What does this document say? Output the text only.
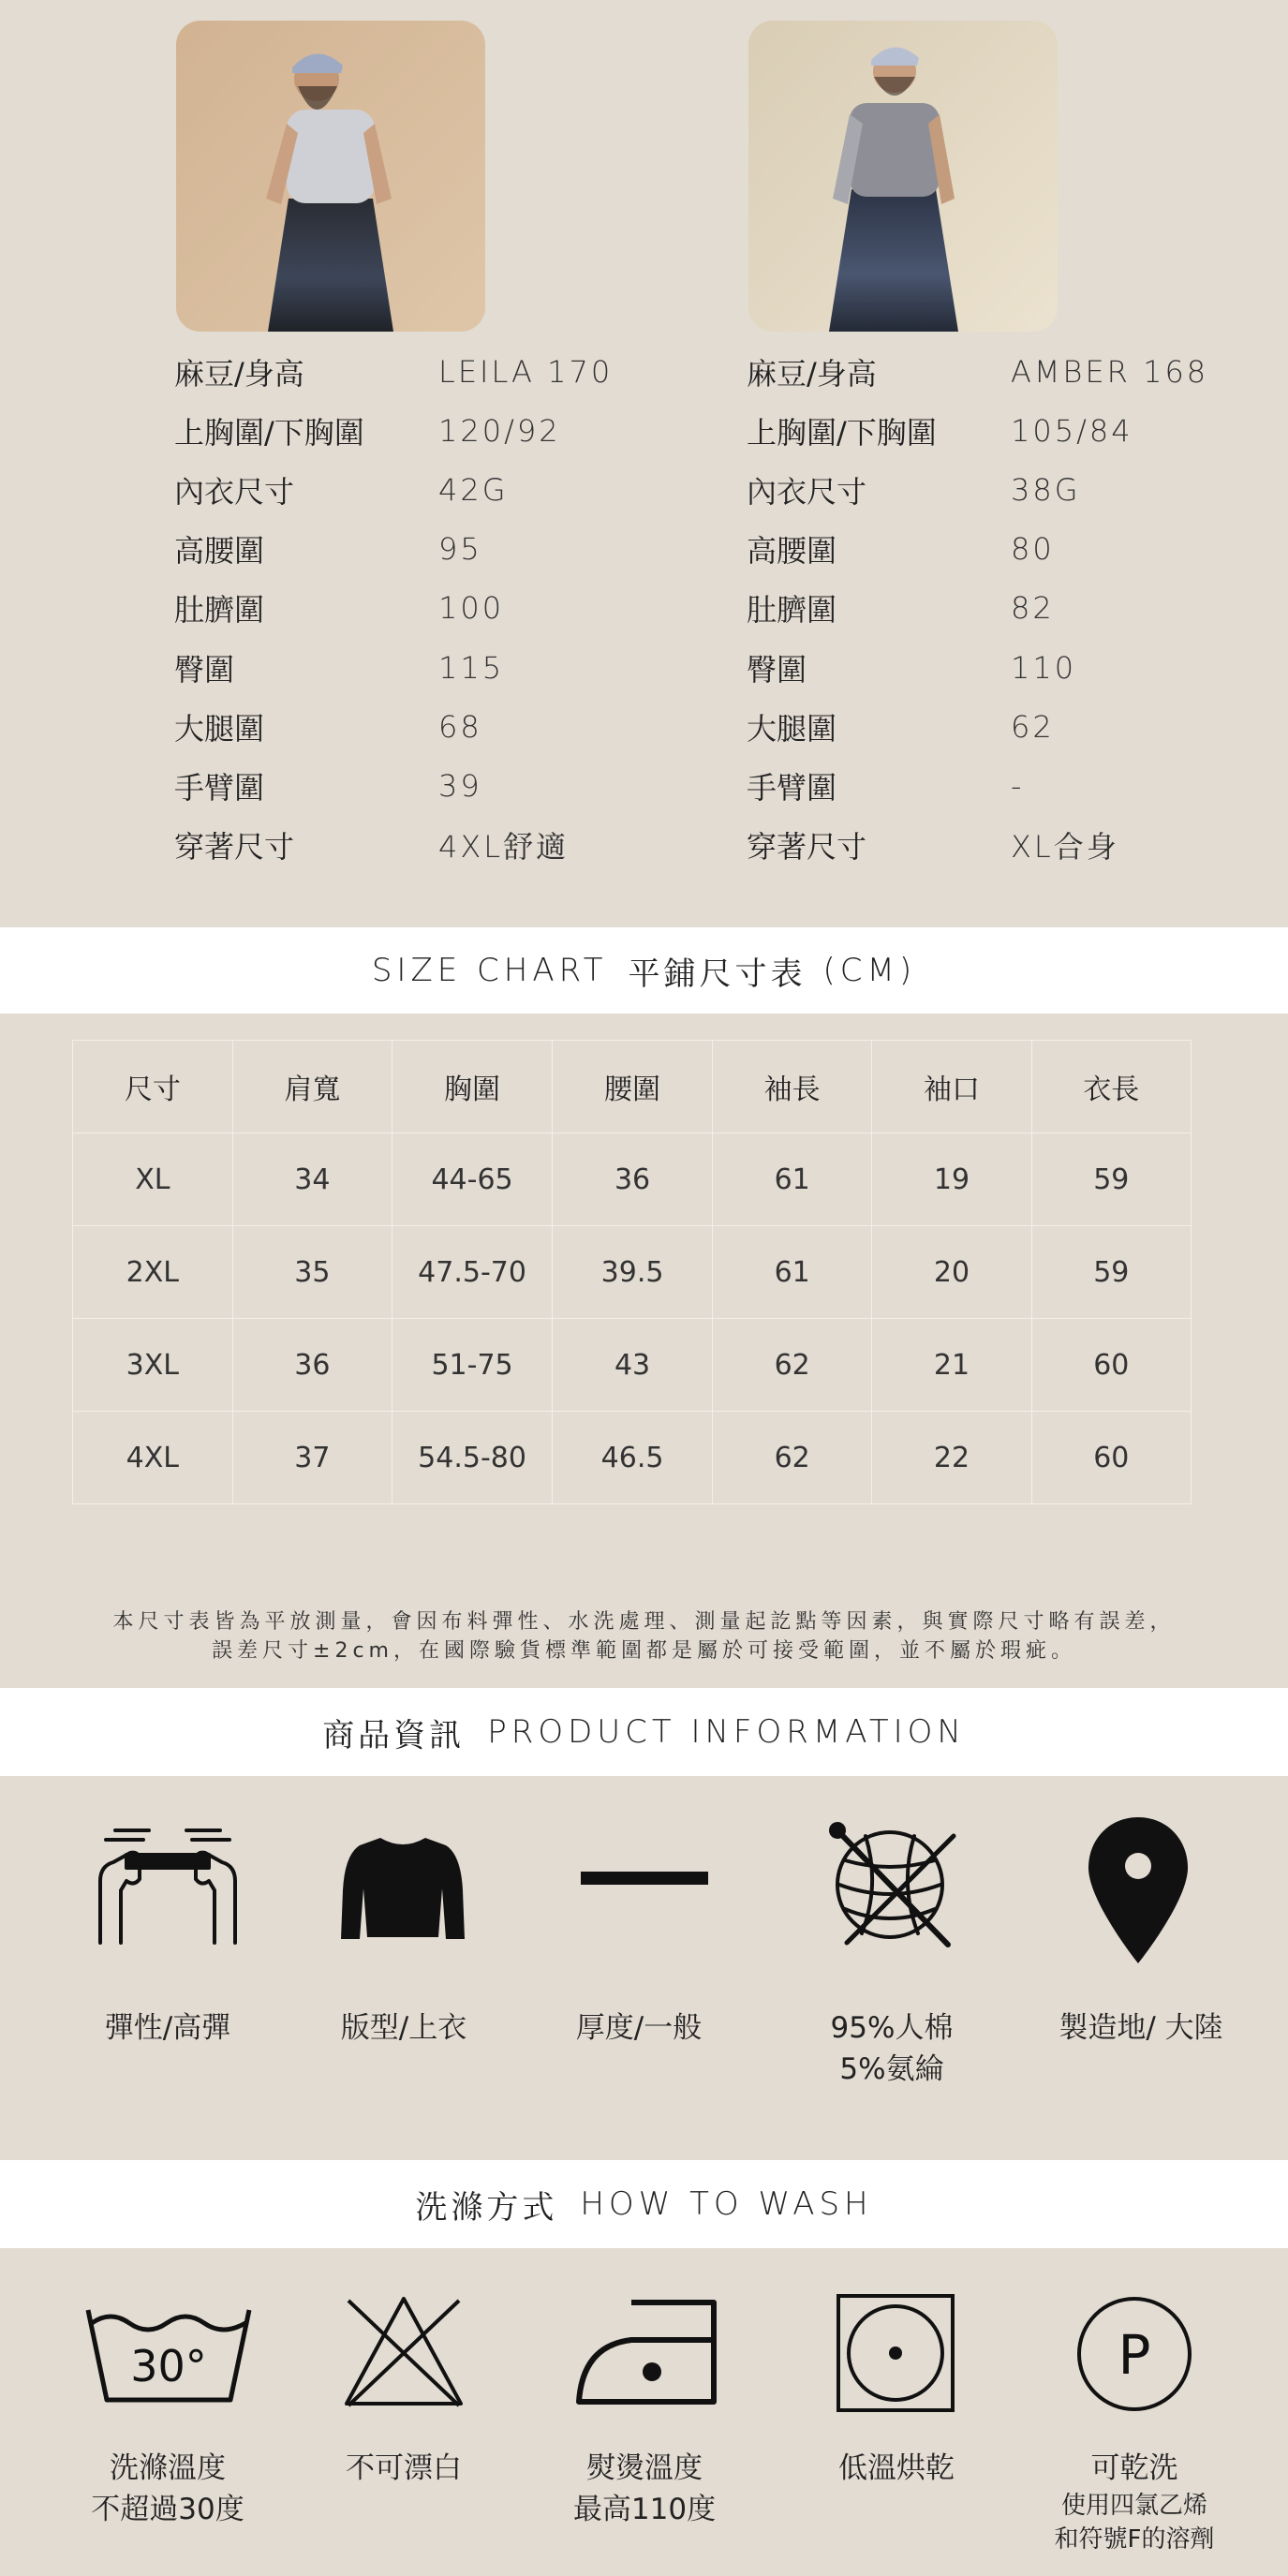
麻豆/身高	LEILA 170
上胸圍/下胸圍	120/92
內衣尺寸	42G
高腰圍	95
肚臍圍	100
臀圍	115
大腿圍	68
手臂圍	39
穿著尺寸	4XL舒適
麻豆/身高	AMBER 168
上胸圍/下胸圍	105/84
內衣尺寸	38G
高腰圍	80
肚臍圍	82
臀圍	110
大腿圍	62
手臂圍	-
穿著尺寸	XL合身
SIZE CHART 平鋪尺寸表 (CM)
尺寸	肩寬	胸圍	腰圍	袖長	袖口	衣長
XL	34	44-65	36	61	19	59
2XL	35	47.5-70	39.5	61	20	59
3XL	36	51-75	43	62	21	60
4XL	37	54.5-80	46.5	62	22	60
本尺寸表皆為平放測量，會因布料彈性、水洗處理、測量起訖點等因素，與實際尺寸略有誤差，
誤差尺寸±2cm，在國際驗貨標準範圍都是屬於可接受範圍，並不屬於瑕疵。
商品資訊 PRODUCT INFORMATION
彈性/高彈	版型/上衣	厚度/一般	95%人棉
5%氨綸
製造地/ 大陸
洗滌方式 HOW TO WASH
30°	P
洗滌溫度
不超過30度
不可漂白	熨燙溫度
最高110度
低溫烘乾	可乾洗
使用四氯乙烯
和符號F的溶劑
